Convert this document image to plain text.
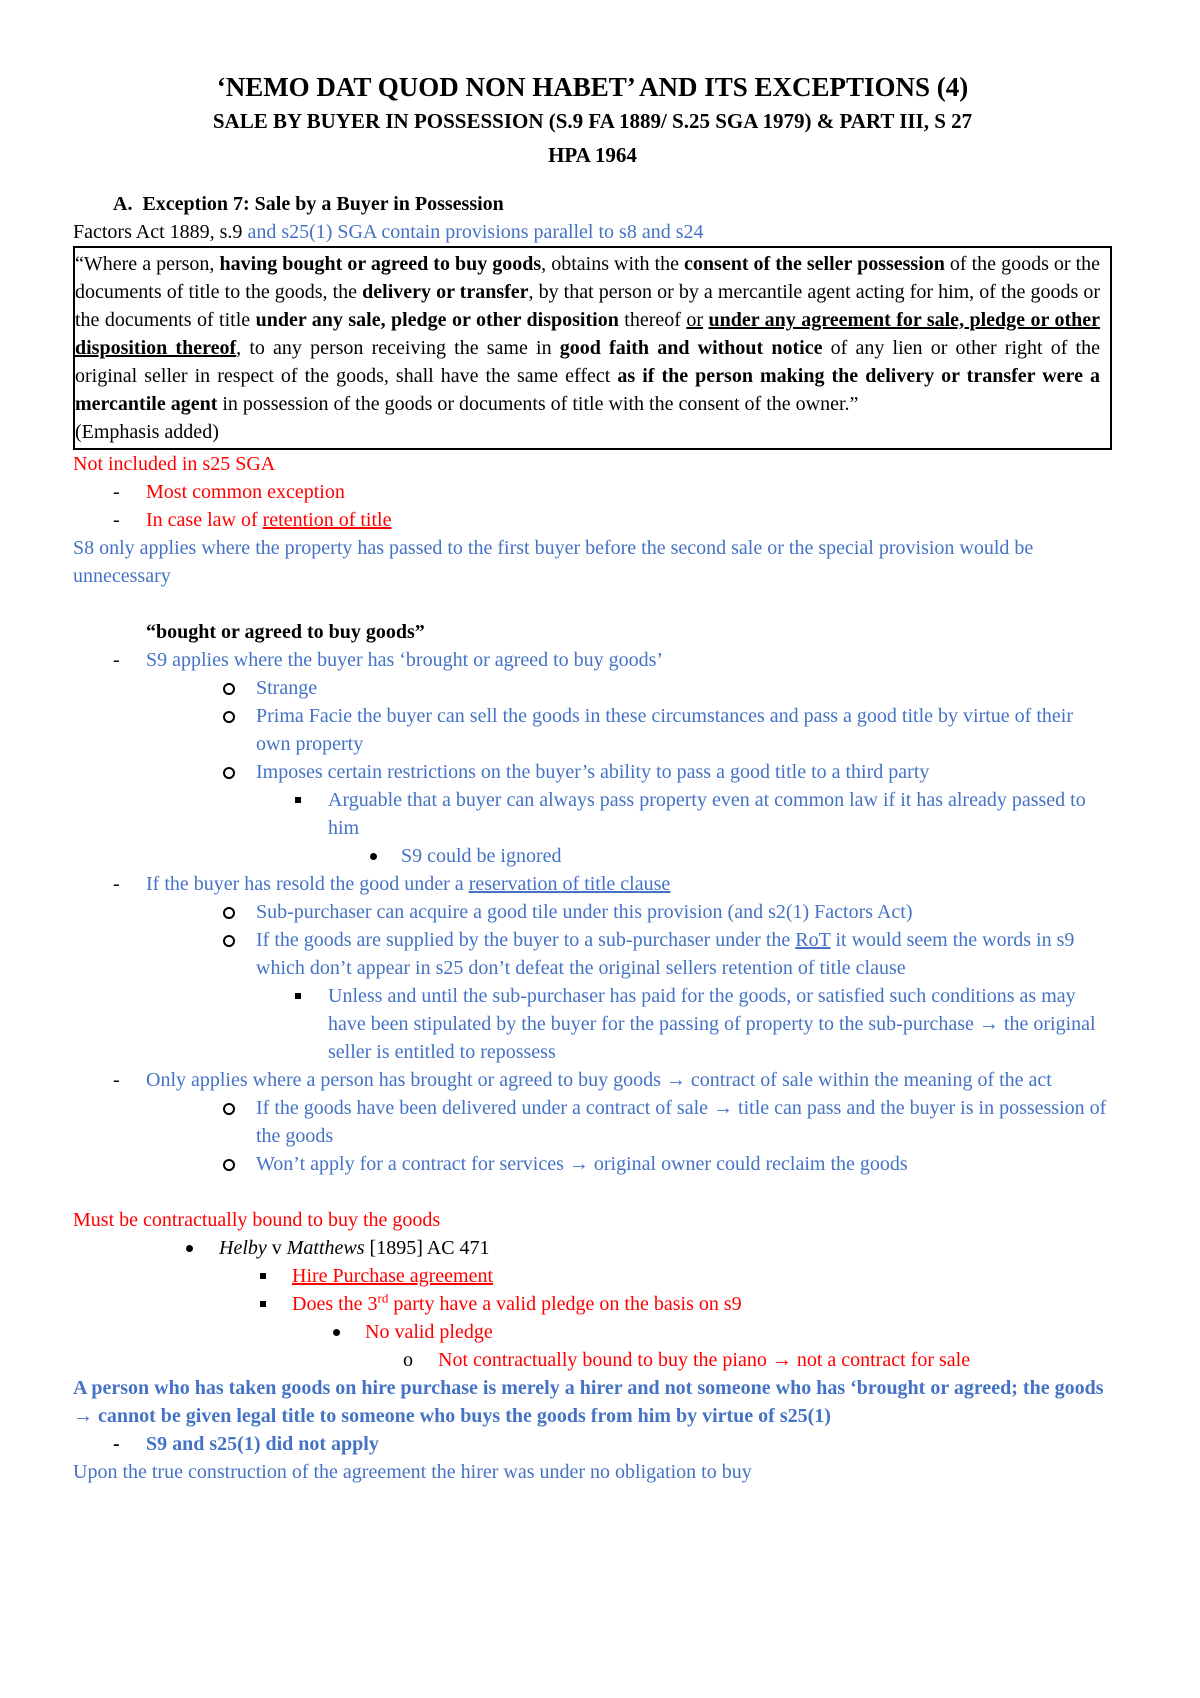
‘NEMO DAT QUOD NON HABET’ AND ITS EXCEPTIONS (4)

SALE BY BUYER IN POSSESSION (S.9 FA 1889/ S.25 SGA 1979) & PART III, S 27

HPA 1964

A. Exception 7: Sale by a Buyer in Possession

Factors Act 1889, s.9 and s25(1) SGA contain provisions parallel to s8 and s24

“Where a person, having bought or agreed to buy goods, obtains with the consent of the seller possession of the goods or the documents of title to the goods, the delivery or transfer, by that person or by a mercantile agent acting for him, of the goods or the documents of title under any sale, pledge or other disposition thereof or under any agreement for sale, pledge or other disposition thereof, to any person receiving the same in good faith and without notice of any lien or other right of the original seller in respect of the goods, shall have the same effect as if the person making the delivery or transfer were a mercantile agent in possession of the goods or documents of title with the consent of the owner.”

(Emphasis added)

Not included in s25 SGA

- Most common exception
- In case law of retention of title

S8 only applies where the property has passed to the first buyer before the second sale or the special provision would be unnecessary

“bought or agreed to buy goods”

- S9 applies where the buyer has ‘brought or agreed to buy goods’
Strange
Prima Facie the buyer can sell the goods in these circumstances and pass a good title by virtue of their own property
Imposes certain restrictions on the buyer’s ability to pass a good title to a third party
Arguable that a buyer can always pass property even at common law if it has already passed to him
S9 could be ignored
- If the buyer has resold the good under a reservation of title clause
Sub-purchaser can acquire a good tile under this provision (and s2(1) Factors Act)
If the goods are supplied by the buyer to a sub-purchaser under the RoT it would seem the words in s9 which don’t appear in s25 don’t defeat the original sellers retention of title clause
Unless and until the sub-purchaser has paid for the goods, or satisfied such conditions as may have been stipulated by the buyer for the passing of property to the sub-purchase → the original seller is entitled to repossess
- Only applies where a person has brought or agreed to buy goods → contract of sale within the meaning of the act
If the goods have been delivered under a contract of sale → title can pass and the buyer is in possession of the goods
Won’t apply for a contract for services → original owner could reclaim the goods

Must be contractually bound to buy the goods

Helby v Matthews [1895] AC 471
Hire Purchase agreement
Does the 3rd party have a valid pledge on the basis on s9
No valid pledge
o Not contractually bound to buy the piano → not a contract for sale

A person who has taken goods on hire purchase is merely a hirer and not someone who has ‘brought or agreed; the goods → cannot be given legal title to someone who buys the goods from him by virtue of s25(1)

- S9 and s25(1) did not apply

Upon the true construction of the agreement the hirer was under no obligation to buy
